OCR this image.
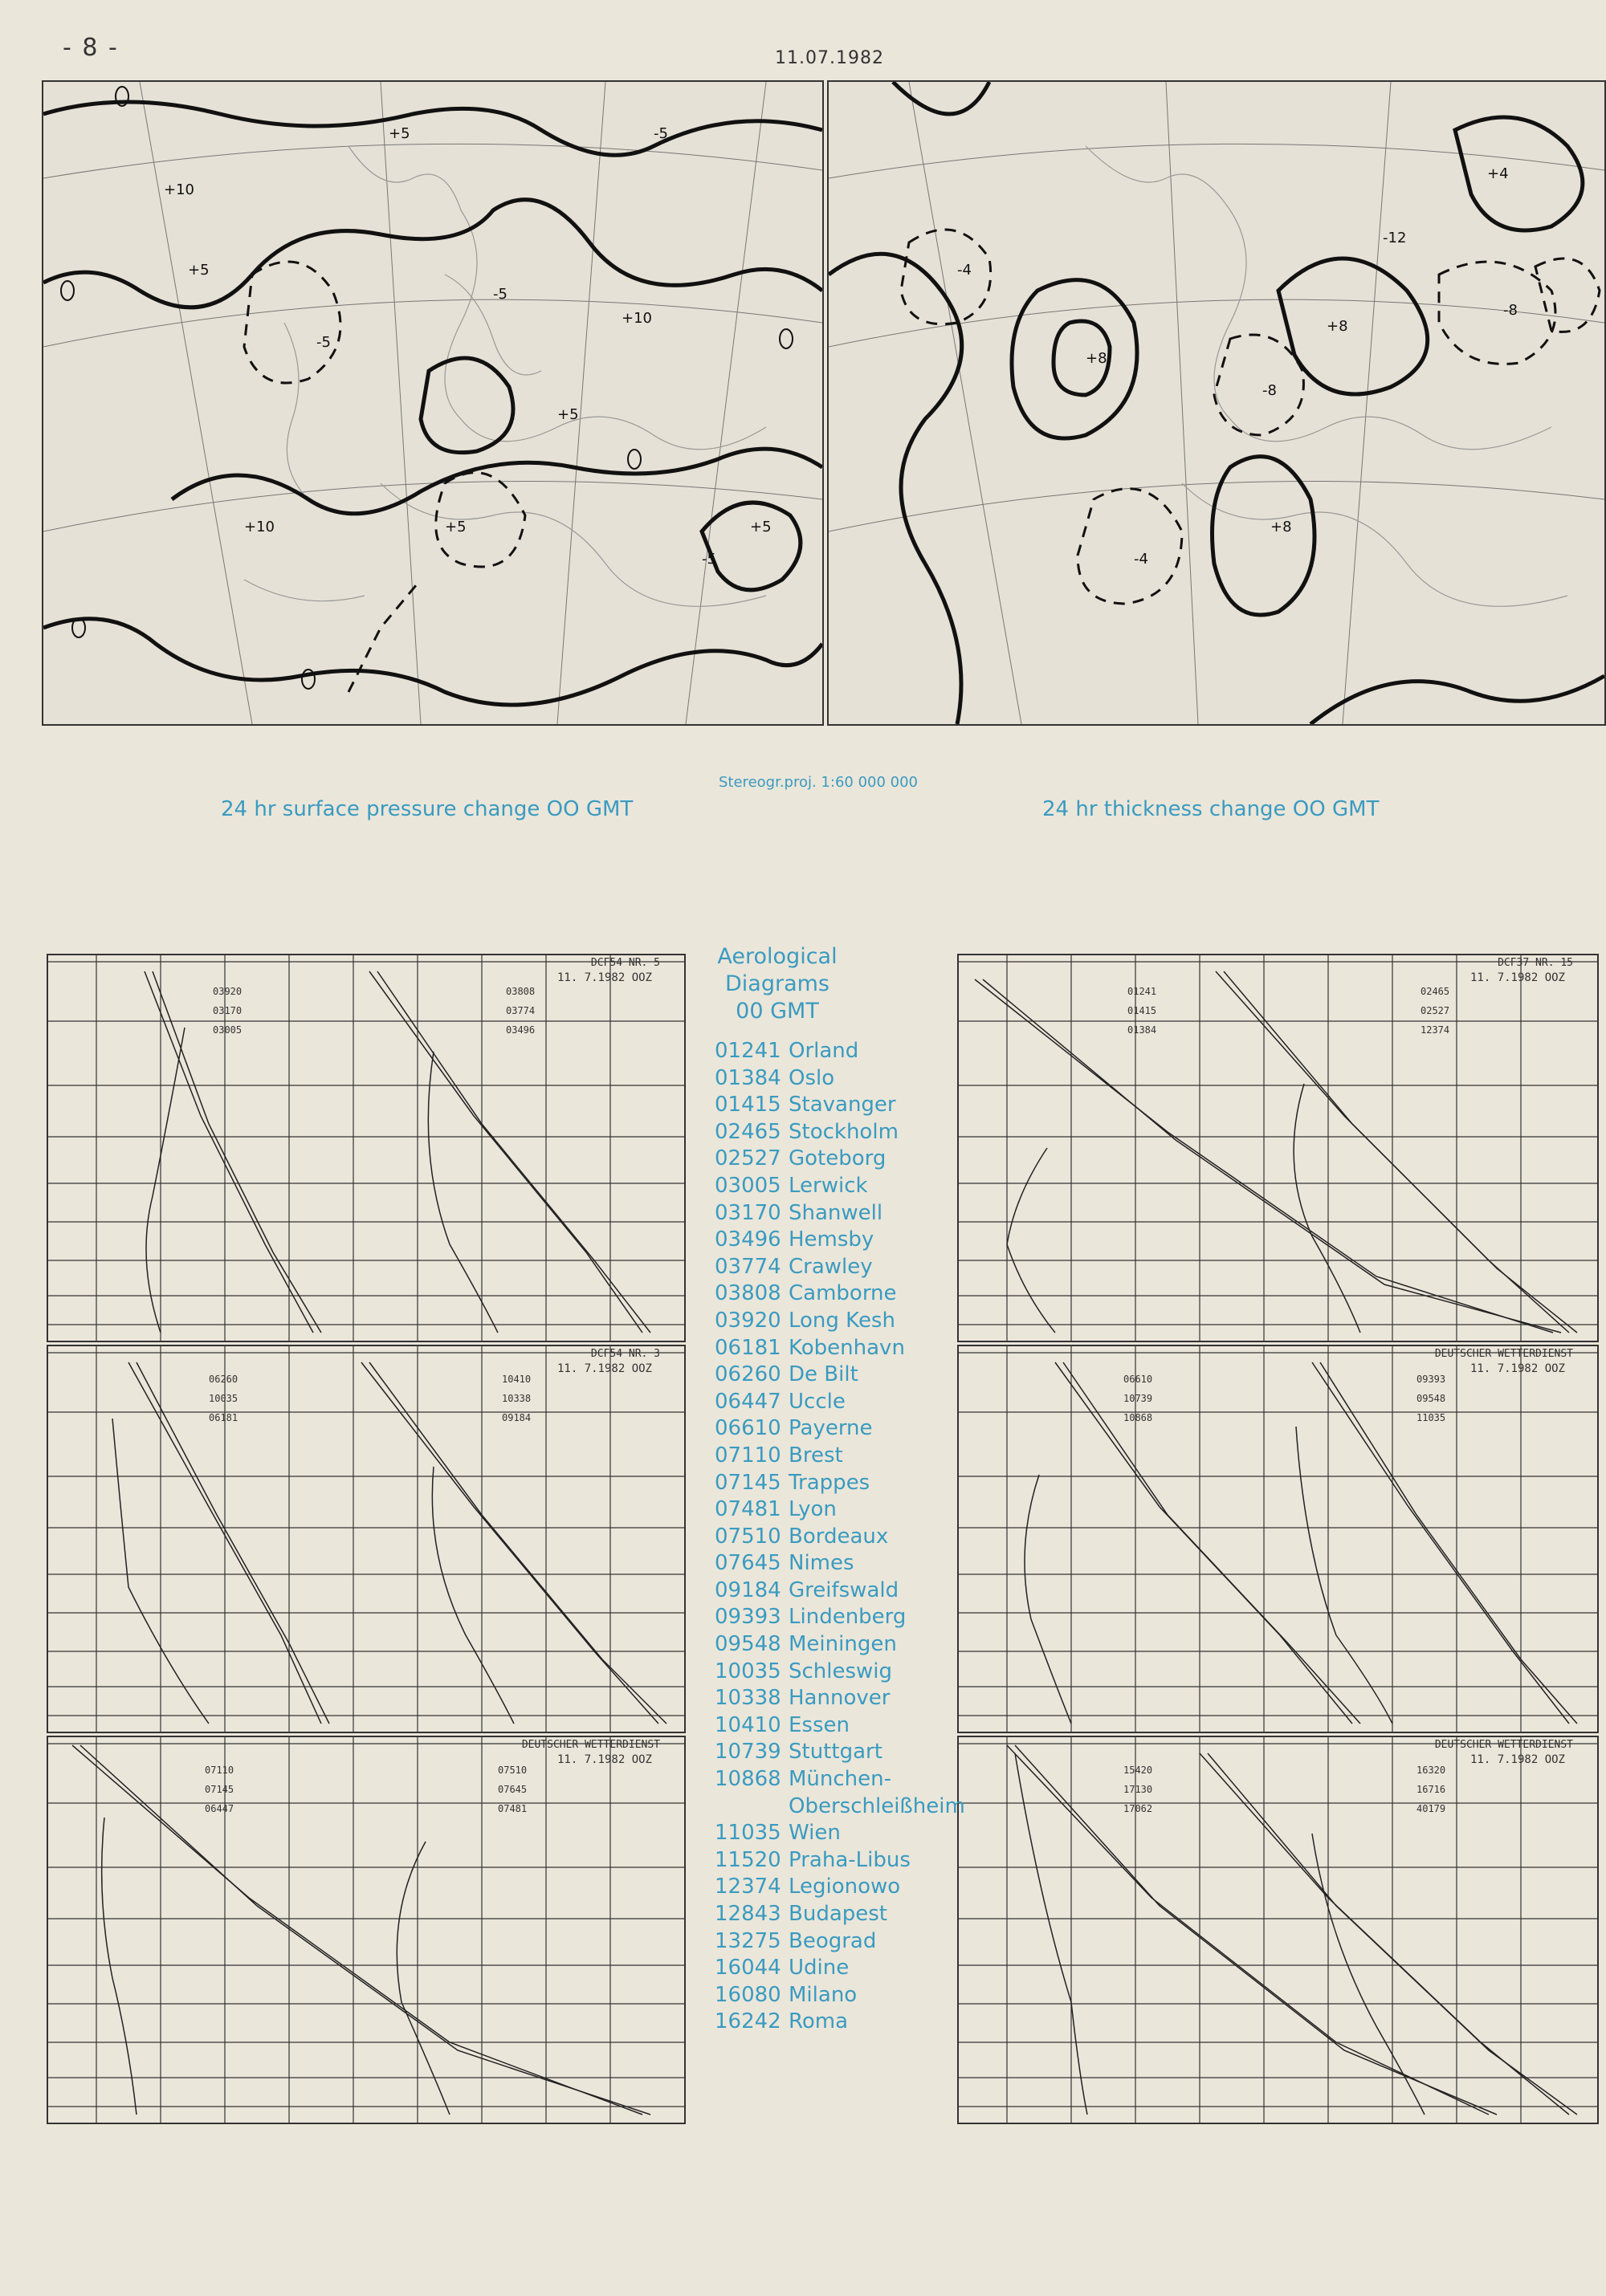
- 8 -	11.07.1982
+5
+10
+5
+5
-5
+10
-5
-5
+5
-5
+5
+10
+8
+8
+8
+4
-4
-4
-8
-8
-12
Stereogr.proj. 1:60 000 000
24 hr surface pressure change OO GMT	24 hr thickness change OO GMT
DCF54 NR. 5
11. 7.1982 OOZ
03920
03170
03005
03808
03774
03496
DCF54 NR. 3
11. 7.1982 OOZ
06260
10035
06181
10410
10338
09184
DEUTSCHER WETTERDIENST
11. 7.1982 OOZ
07110
07145
06447
07510
07645
07481
DCF37 NR. 15
11. 7.1982 OOZ
01241
01415
01384
02465
02527
12374
DEUTSCHER WETTERDIENST
11. 7.1982 OOZ
06610
10739
10868
09393
09548
11035
DEUTSCHER WETTERDIENST
11. 7.1982 OOZ
15420
17130
17062
16320
16716
40179
Aerological
Diagrams
00 GMT
01241 Orland
01384 Oslo
01415 Stavanger
02465 Stockholm
02527 Goteborg
03005 Lerwick
03170 Shanwell
03496 Hemsby
03774 Crawley
03808 Camborne
03920 Long Kesh
06181 Kobenhavn
06260 De Bilt
06447 Uccle
06610 Payerne
07110 Brest
07145 Trappes
07481 Lyon
07510 Bordeaux
07645 Nimes
09184 Greifswald
09393 Lindenberg
09548 Meiningen
10035 Schleswig
10338 Hannover
10410 Essen
10739 Stuttgart
10868 München-
Oberschleißheim
11035 Wien
11520 Praha-Libus
12374 Legionowo
12843 Budapest
13275 Beograd
16044 Udine
16080 Milano
16242 Roma
